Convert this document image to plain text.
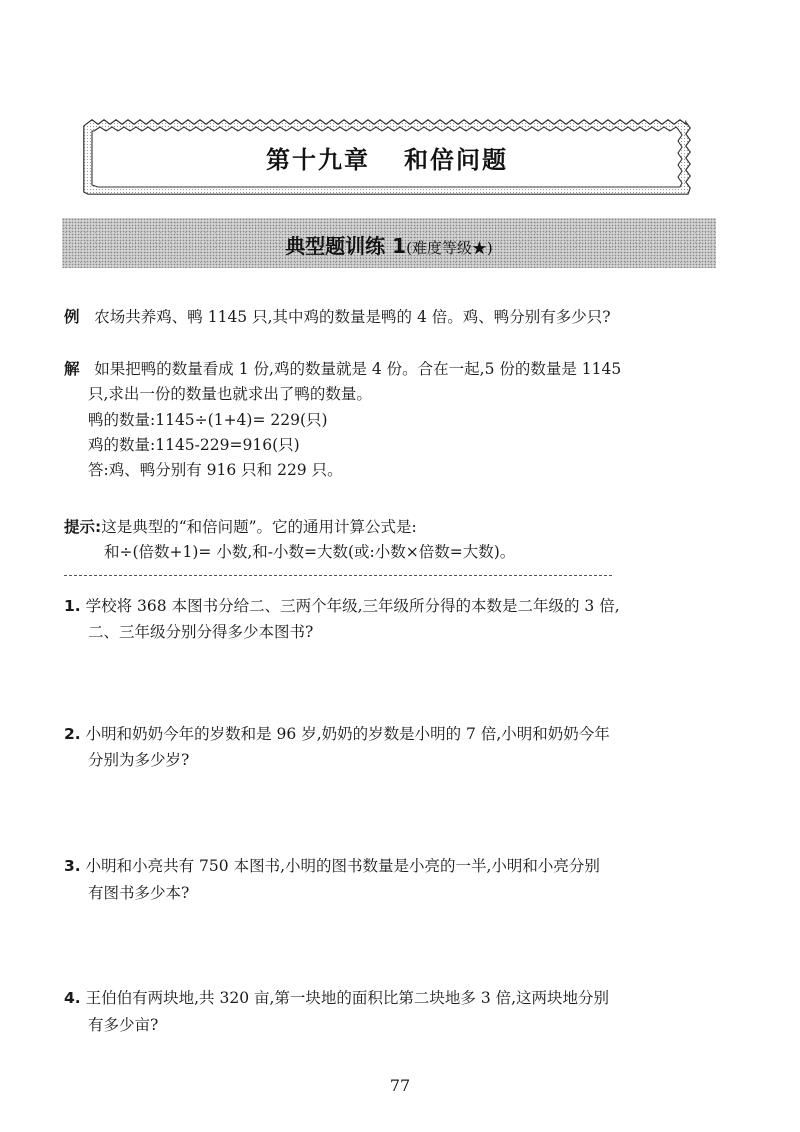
第十九章 和倍问题
典型题训练 1(难度等级★)
例 农场共养鸡、鸭 1145 只,其中鸡的数量是鸭的 4 倍。鸡、鸭分别有多少只?
解 如果把鸭的数量看成 1 份,鸡的数量就是 4 份。合在一起,5 份的数量是 1145
只,求出一份的数量也就求出了鸭的数量。
鸭的数量:1145÷(1+4)= 229(只)
鸡的数量:1145-229=916(只)
答:鸡、鸭分别有 916 只和 229 只。
提示:这是典型的“和倍问题”。它的通用计算公式是:
和÷(倍数+1)= 小数,和-小数=大数(或:小数×倍数=大数)。
1. 学校将 368 本图书分给二、三两个年级,三年级所分得的本数是二年级的 3 倍,
二、三年级分别分得多少本图书?
2. 小明和奶奶今年的岁数和是 96 岁,奶奶的岁数是小明的 7 倍,小明和奶奶今年
分别为多少岁?
3. 小明和小亮共有 750 本图书,小明的图书数量是小亮的一半,小明和小亮分别
有图书多少本?
4. 王伯伯有两块地,共 320 亩,第一块地的面积比第二块地多 3 倍,这两块地分别
有多少亩?
77
